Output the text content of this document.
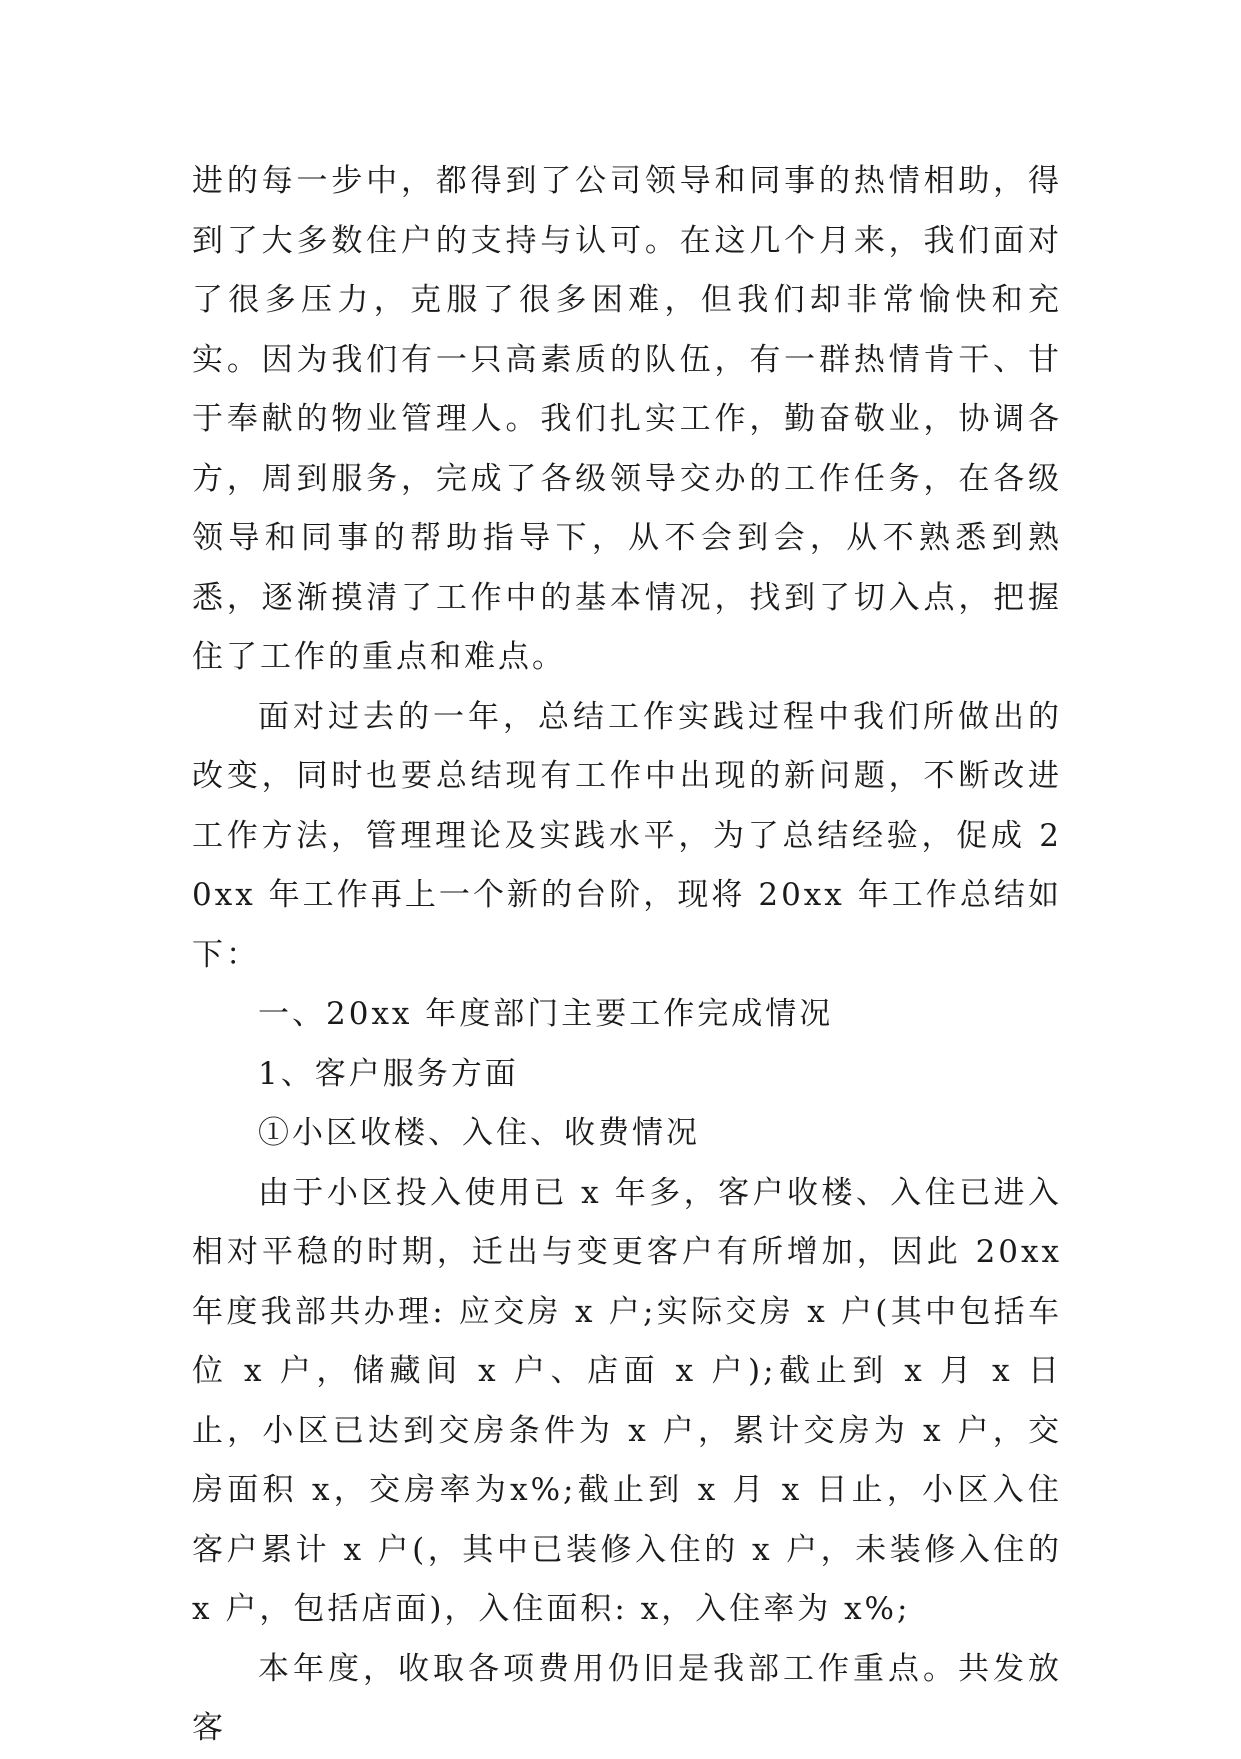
进的每一步中，都得到了公司领导和同事的热情相助，得到了大多数住户的支持与认可。在这几个月来，我们面对了很多压力，克服了很多困难，但我们却非常愉快和充实。因为我们有一只高素质的队伍，有一群热情肯干、甘于奉献的物业管理人。我们扎实工作，勤奋敬业，协调各方，周到服务，完成了各级领导交办的工作任务，在各级领导和同事的帮助指导下，从不会到会，从不熟悉到熟悉，逐渐摸清了工作中的基本情况，找到了切入点，把握住了工作的重点和难点。

面对过去的一年，总结工作实践过程中我们所做出的改变，同时也要总结现有工作中出现的新问题，不断改进工作方法，管理理论及实践水平，为了总结经验，促成 20xx 年工作再上一个新的台阶，现将 20xx 年工作总结如下：

一、20xx 年度部门主要工作完成情况

1、客户服务方面

①小区收楼、入住、收费情况

由于小区投入使用已 x 年多，客户收楼、入住已进入相对平稳的时期，迁出与变更客户有所增加，因此 20xx 年度我部共办理: 应交房 x 户;实际交房 x 户(其中包括车位 x 户，储藏间 x 户、店面 x 户);截止到 x 月 x 日止，小区已达到交房条件为 x 户，累计交房为 x 户，交房面积 x，交房率为x%;截止到 x 月 x 日止，小区入住客户累计 x 户(，其中已装修入住的 x 户，未装修入住的 x 户，包括店面)，入住面积: x，入住率为 x%;

本年度，收取各项费用仍旧是我部工作重点。共发放客
